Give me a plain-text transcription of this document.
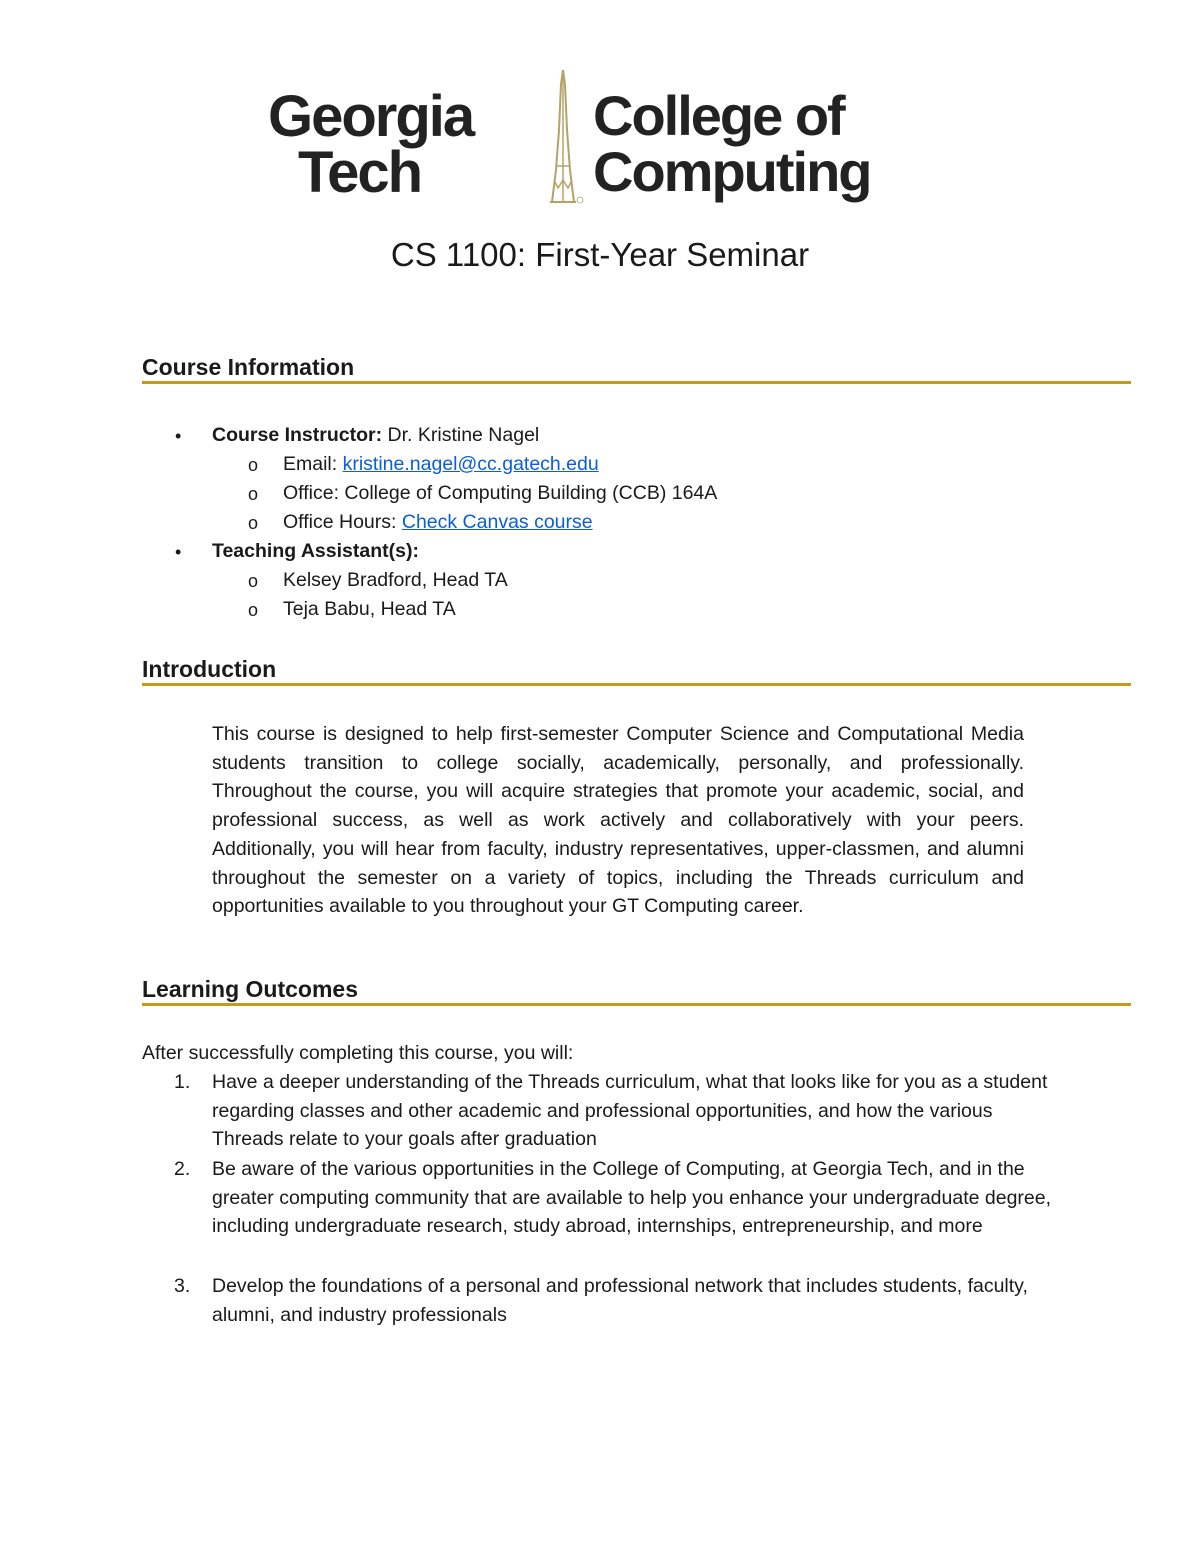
Georgia
Tech
College of
Computing
CS 1100: First-Year Seminar
Course Information
• Course Instructor: Dr. Kristine Nagel
o Email: kristine.nagel@cc.gatech.edu
o Office: College of Computing Building (CCB) 164A
o Office Hours: Check Canvas course
• Teaching Assistant(s):
o Kelsey Bradford, Head TA
o Teja Babu, Head TA
Introduction

This course is designed to help first-semester Computer Science and Computational Media students transition to college socially, academically, personally, and professionally. Throughout the course, you will acquire strategies that promote your academic, social, and professional success, as well as work actively and collaboratively with your peers. Additionally, you will hear from faculty, industry representatives, upper-classmen, and alumni throughout the semester on a variety of topics, including the Threads curriculum and opportunities available to you throughout your GT Computing career.

Learning Outcomes
After successfully completing this course, you will:
1. Have a deeper understanding of the Threads curriculum, what that looks like for you as a student regarding classes and other academic and professional opportunities, and how the various Threads relate to your goals after graduation
2. Be aware of the various opportunities in the College of Computing, at Georgia Tech, and in the greater computing community that are available to help you enhance your undergraduate degree, including undergraduate research, study abroad, internships, entrepreneurship, and more
3. Develop the foundations of a personal and professional network that includes students, faculty, alumni, and industry professionals
